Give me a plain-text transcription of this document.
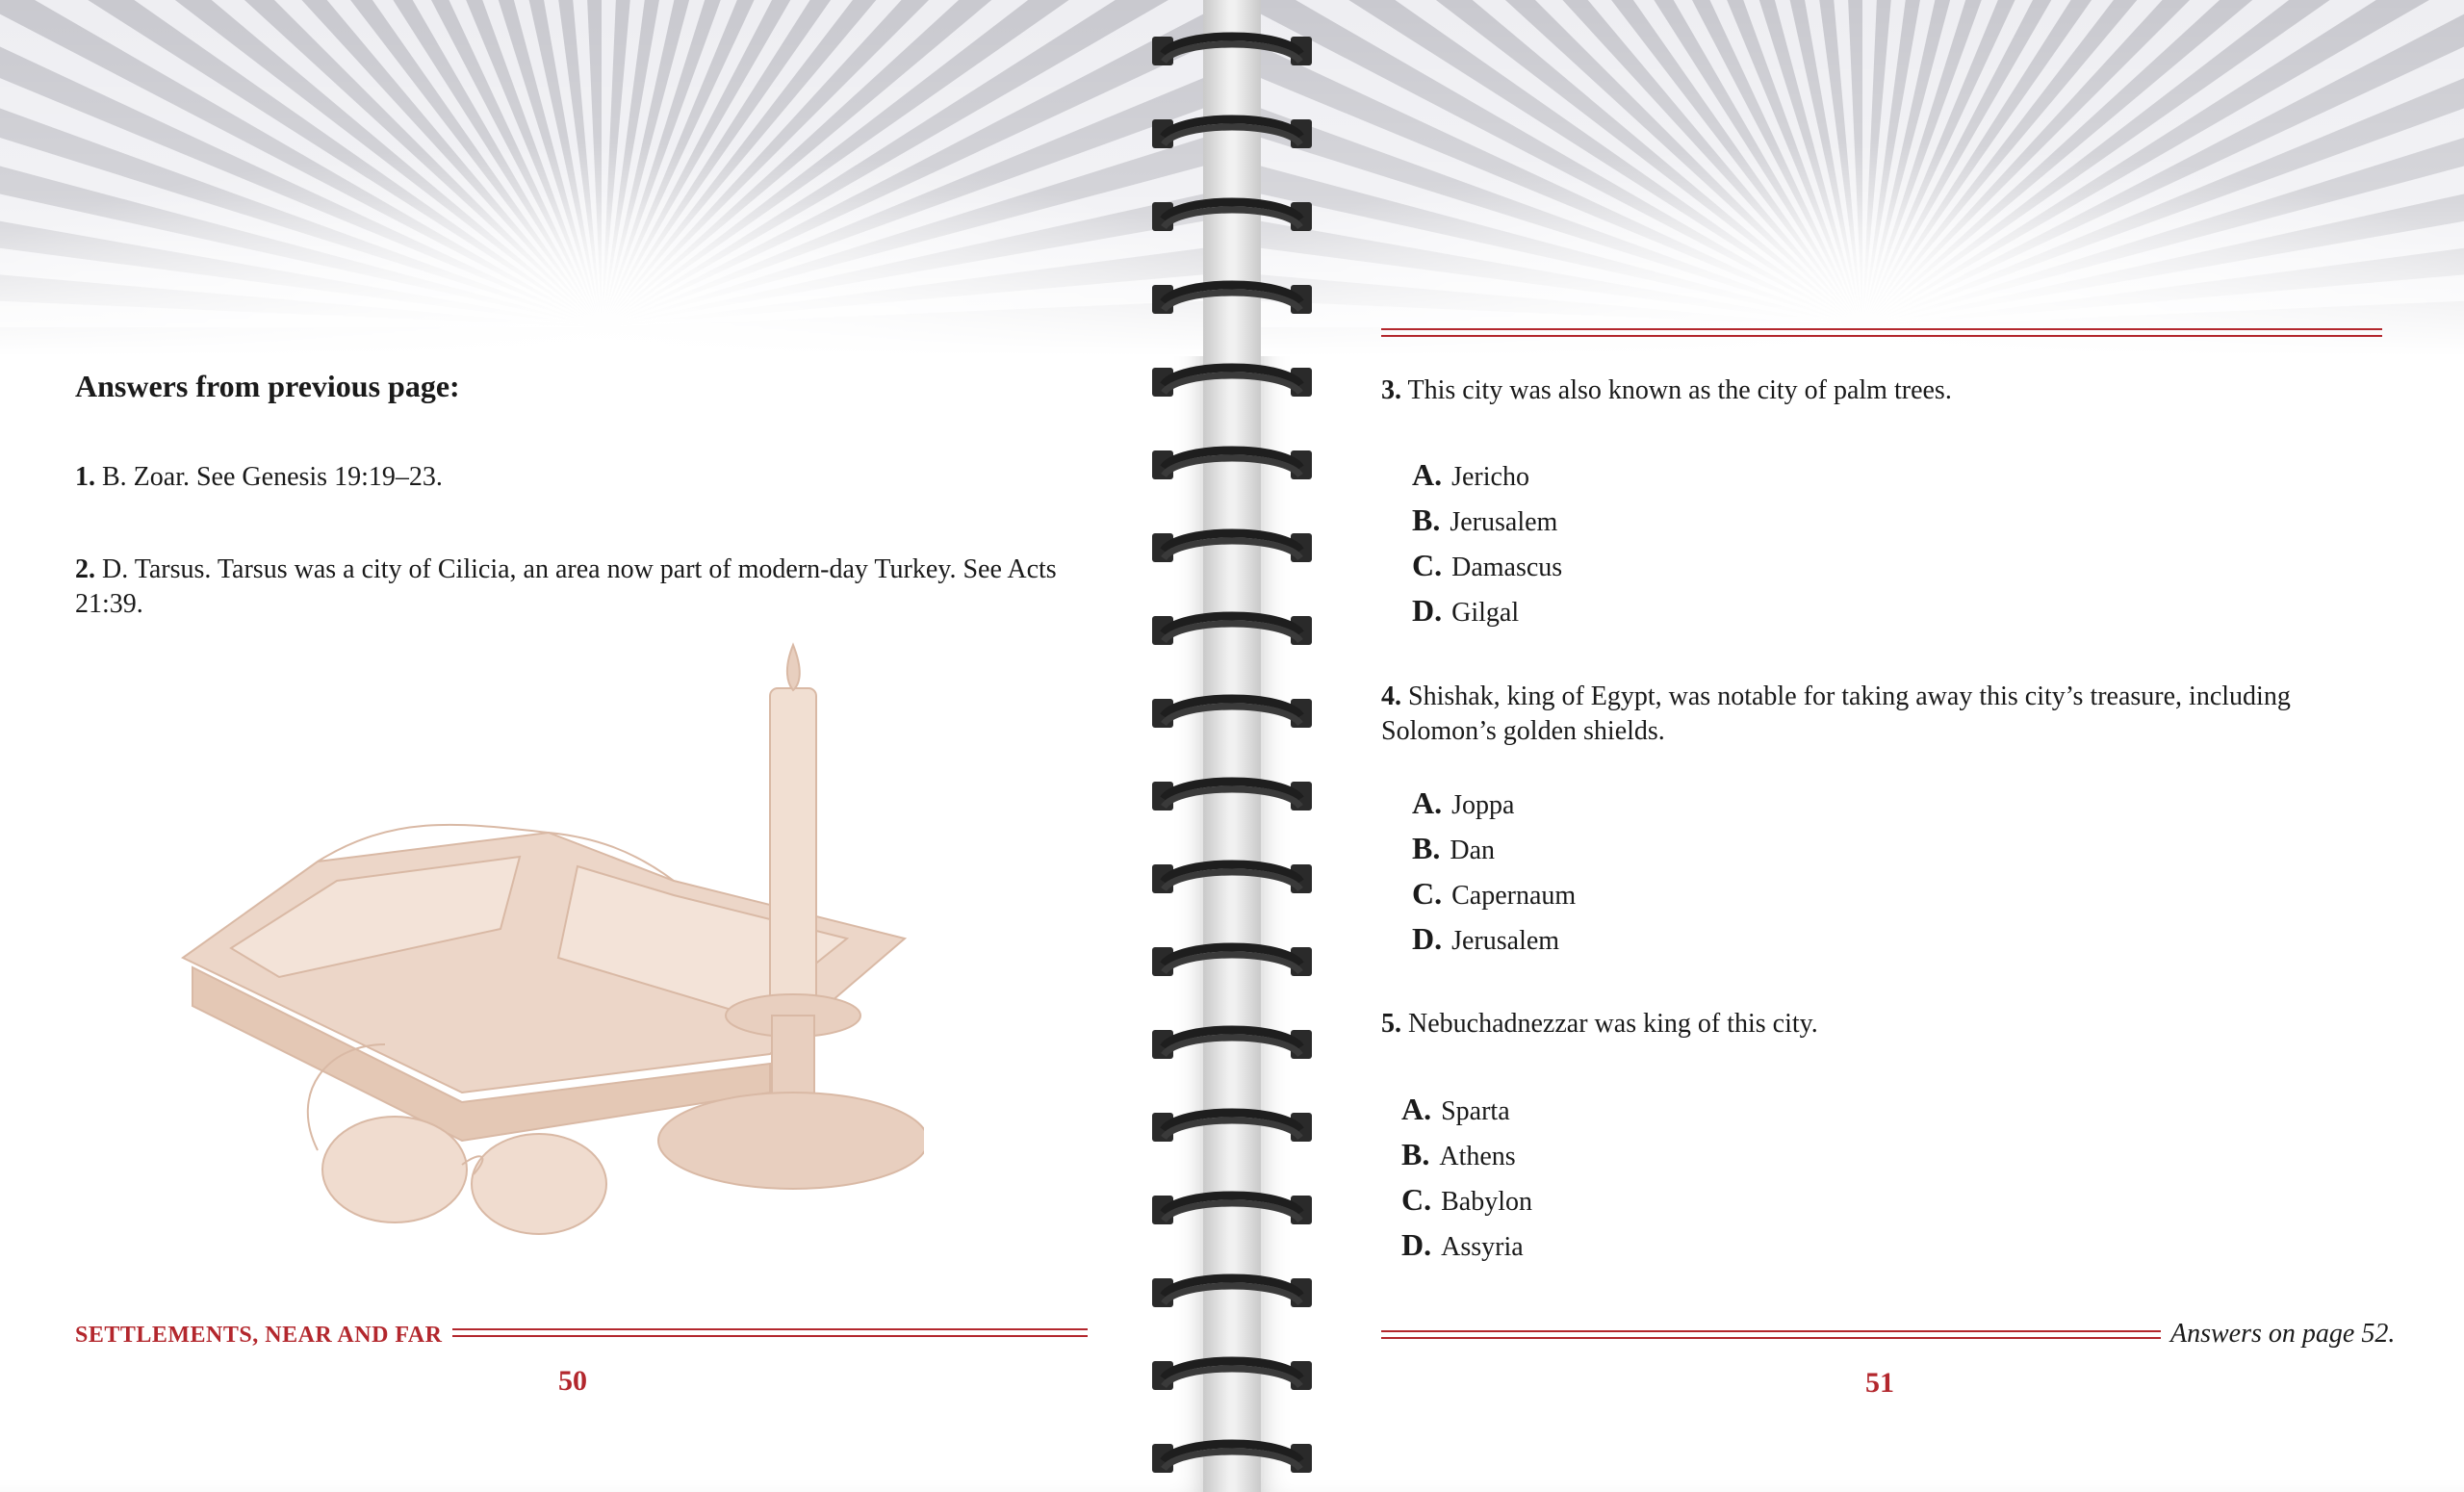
Answers from previous page:
1. B. Zoar. See Genesis 19:19–23.
2. D. Tarsus. Tarsus was a city of Cilicia, an area now part of modern-day Turkey. See Acts 21:39.
SETTLEMENTS, NEAR AND FAR
50
3. This city was also known as the city of palm trees.
A. Jericho
B. Jerusalem
C. Damascus
D. Gilgal
4. Shishak, king of Egypt, was notable for taking away this city’s treasure, including Solomon’s golden shields.
A. Joppa
B. Dan
C. Capernaum
D. Jerusalem
5. Nebuchadnezzar was king of this city.
A. Sparta
B. Athens
C. Babylon
D. Assyria
Answers on page 52.
51
